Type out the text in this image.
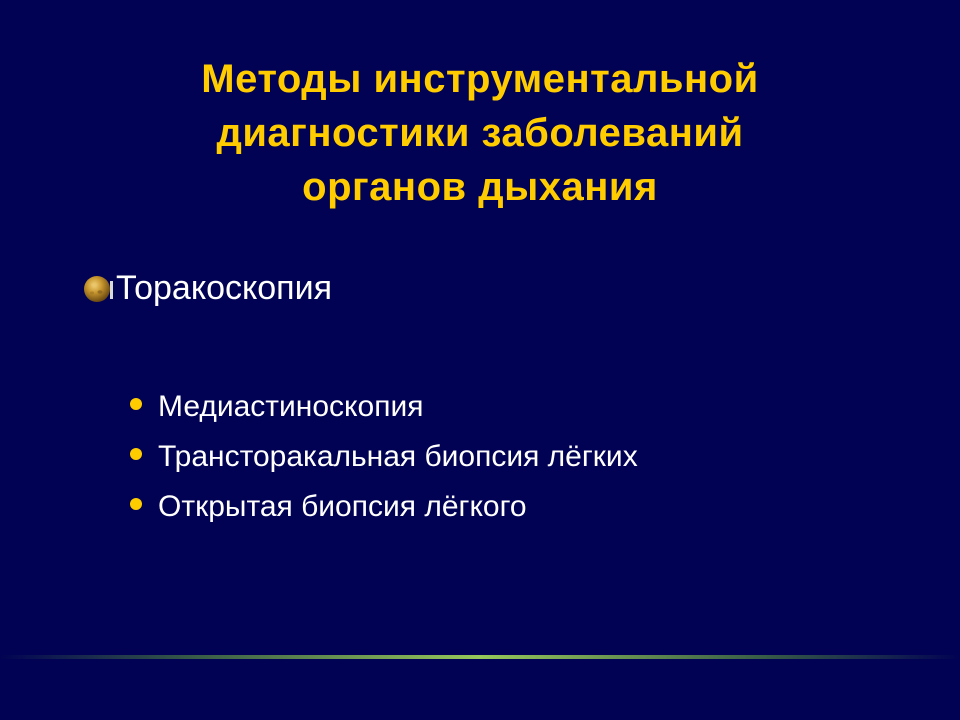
Методы инструментальной
диагностики заболеваний
органов дыхания
Торакоскопия
Медиастиноскопия
Трансторакальная биопсия лёгких
Открытая биопсия лёгкого
